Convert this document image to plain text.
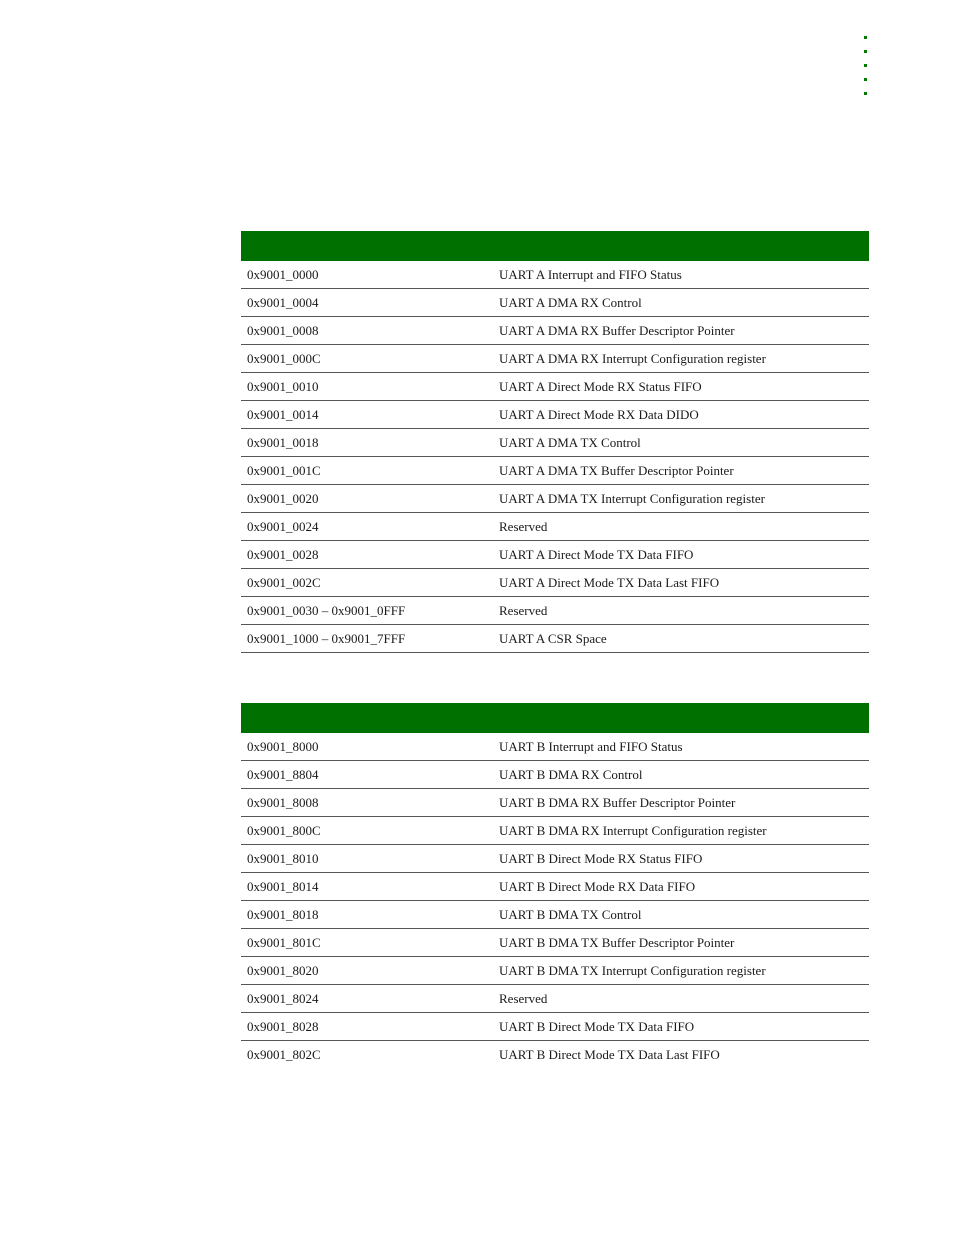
0x9001_0000	UART A Interrupt and FIFO Status
0x9001_0004	UART A DMA RX Control
0x9001_0008	UART A DMA RX Buffer Descriptor Pointer
0x9001_000C	UART A DMA RX Interrupt Configuration register
0x9001_0010	UART A Direct Mode RX Status FIFO
0x9001_0014	UART A Direct Mode RX Data DIDO
0x9001_0018	UART A DMA TX Control
0x9001_001C	UART A DMA TX Buffer Descriptor Pointer
0x9001_0020	UART A DMA TX Interrupt Configuration register
0x9001_0024	Reserved
0x9001_0028	UART A Direct Mode TX Data FIFO
0x9001_002C	UART A Direct Mode TX Data Last FIFO
0x9001_0030 – 0x9001_0FFF	Reserved
0x9001_1000 – 0x9001_7FFF	UART A CSR Space

0x9001_8000	UART B Interrupt and FIFO Status
0x9001_8804	UART B DMA RX Control
0x9001_8008	UART B DMA RX Buffer Descriptor Pointer
0x9001_800C	UART B DMA RX Interrupt Configuration register
0x9001_8010	UART B Direct Mode RX Status FIFO
0x9001_8014	UART B Direct Mode RX Data FIFO
0x9001_8018	UART B DMA TX Control
0x9001_801C	UART B DMA TX Buffer Descriptor Pointer
0x9001_8020	UART B DMA TX Interrupt Configuration register
0x9001_8024	Reserved
0x9001_8028	UART B Direct Mode TX Data FIFO
0x9001_802C	UART B Direct Mode TX Data Last FIFO
